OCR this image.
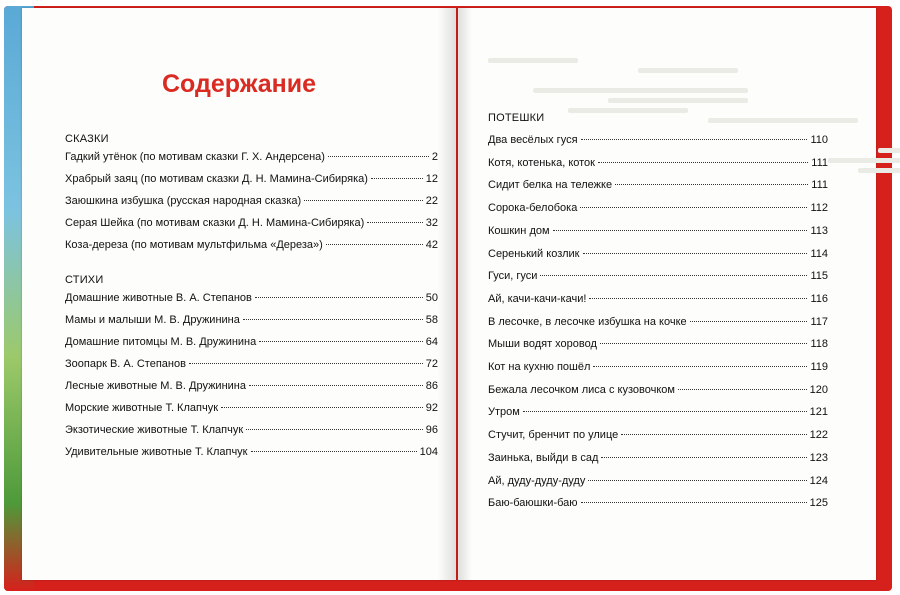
Содержание
СКАЗКИ
Гадкий утёнок (по мотивам сказки Г. Х. Андерсена)	2
Храбрый заяц (по мотивам сказки Д. Н. Мамина-Сибиряка)	12
Заюшкина избушка (русская народная сказка)	22
Серая Шейка (по мотивам сказки Д. Н. Мамина-Сибиряка)	32
Коза-дереза (по мотивам мультфильма «Дереза»)	42
СТИХИ
Домашние животные В. А. Степанов	50
Мамы и малыши М. В. Дружинина	58
Домашние питомцы М. В. Дружинина	64
Зоопарк В. А. Степанов	72
Лесные животные М. В. Дружинина	86
Морские животные Т. Клапчук	92
Экзотические животные Т. Клапчук	96
Удивительные животные Т. Клапчук	104
ПОТЕШКИ
Два весёлых гуся	110
Котя, котенька, коток	111
Сидит белка на тележке	111
Сорока-белобока	112
Кошкин дом	113
Серенький козлик	114
Гуси, гуси	115
Ай, качи-качи-качи!	116
В лесочке, в лесочке избушка на кочке	117
Мыши водят хоровод	118
Кот на кухню пошёл	119
Бежала лесочком лиса с кузовочком	120
Утром	121
Стучит, бренчит по улице	122
Заинька, выйди в сад	123
Ай, дуду-дуду-дуду	124
Баю-баюшки-баю	125
